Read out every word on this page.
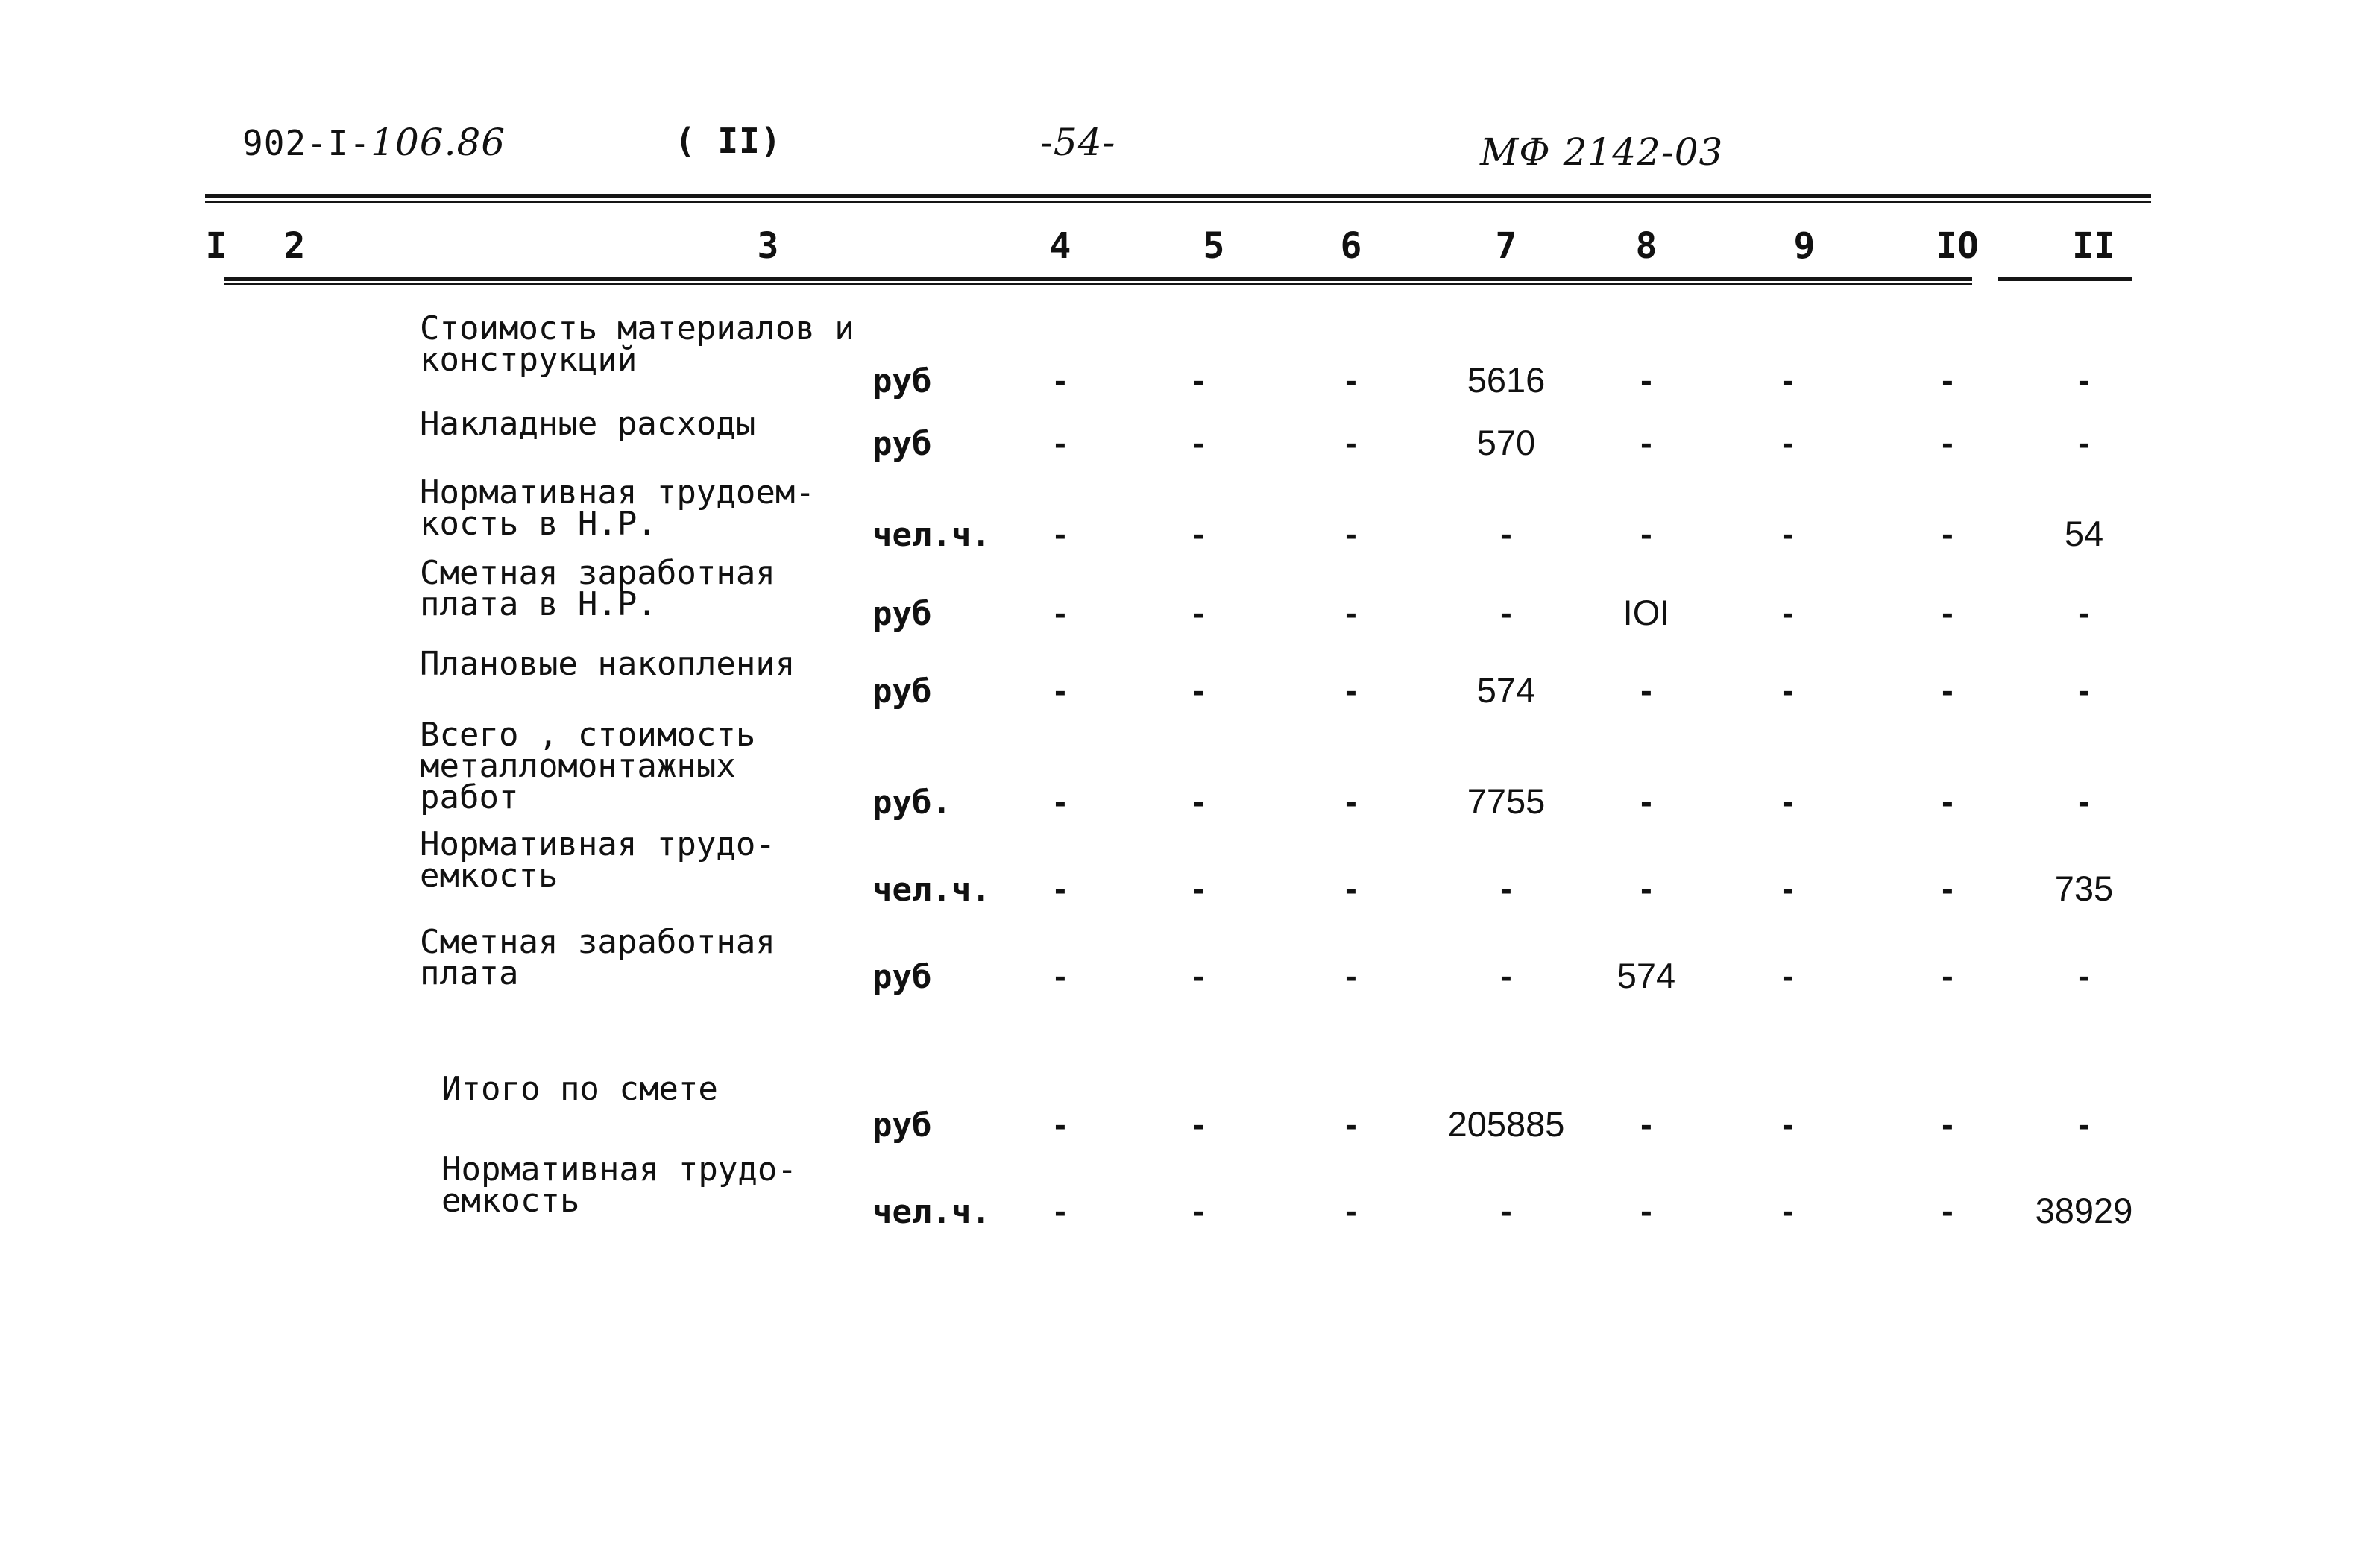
902-I-106.86	( II)	-54-	МФ 2142-03
I	2	3	4	5	6	7	8	9	IO	II
Стоимость материалов и
конструкций
руб	-	-	-	5616	-	-	-	-
Накладные расходы
руб	-	-	-	570	-	-	-	-
Нормативная трудоем-
кость в Н.Р.	чел.ч.	-	-	-	-	-	-	-	54
Сметная заработная
плата в Н.Р.	руб	-	-	-	-	IOI	-	-	-
Плановые накопления
руб	-	-	-	574	-	-	-	-
Всего , стоимость
металломонтажных
работ	руб.	-	-	-	7755	-	-	-	-
Нормативная трудо-
емкость	чел.ч.	-	-	-	-	-	-	-	735
Сметная заработная
плата	руб	-	-	-	-	574	-	-	-
Итого по смете
руб	-	-	-	205885	-	-	-	-
Нормативная трудо-
емкость	чел.ч.	-	-	-	-	-	-	-	38929
